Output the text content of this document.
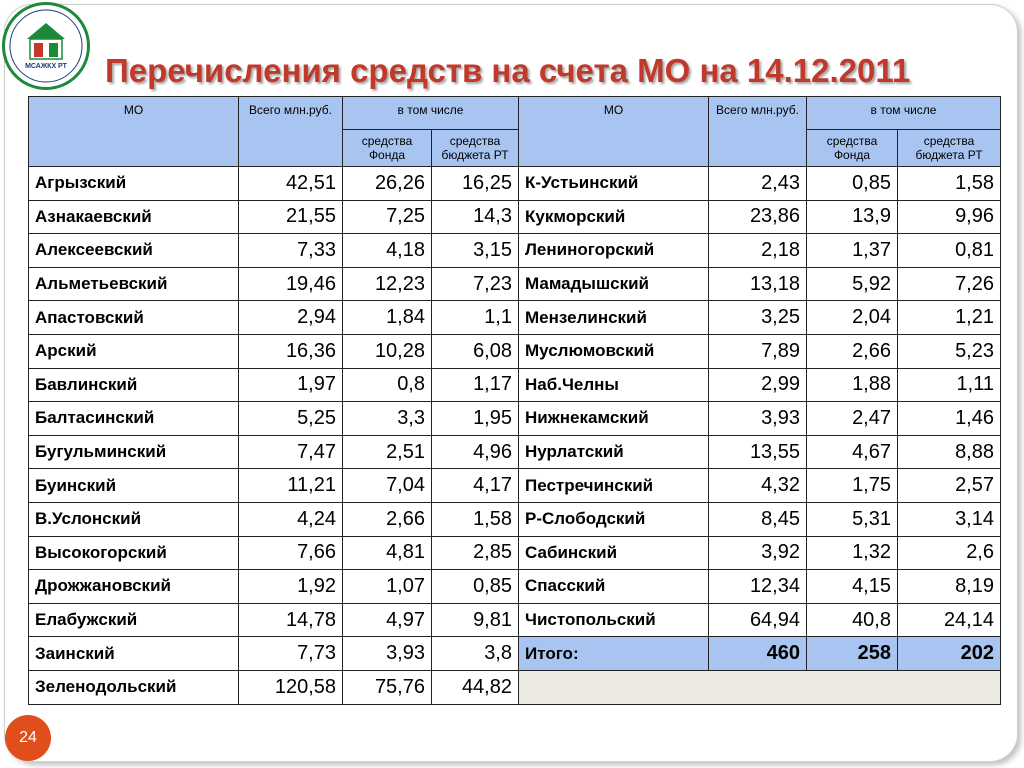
МСАЖКХ РТ	Перечисления средств на счета МО на 14.12.2011
МО	Всего млн.руб.	в том числе		МО	Всего млн.руб.	в том числе	
		средства Фонда	средства бюджета РТ			средства Фонда	средства бюджета РТ
Агрызский	42,51	26,26	16,25	К-Устьинский	2,43	0,85	1,58
Азнакаевский	21,55	7,25	14,3	Кукморский	23,86	13,9	9,96
Алексеевский	7,33	4,18	3,15	Лениногорский	2,18	1,37	0,81
Альметьевский	19,46	12,23	7,23	Мамадышский	13,18	5,92	7,26
Апастовский	2,94	1,84	1,1	Мензелинский	3,25	2,04	1,21
Арский	16,36	10,28	6,08	Муслюмовский	7,89	2,66	5,23
Бавлинский	1,97	0,8	1,17	Наб.Челны	2,99	1,88	1,11
Балтасинский	5,25	3,3	1,95	Нижнекамский	3,93	2,47	1,46
Бугульминский	7,47	2,51	4,96	Нурлатский	13,55	4,67	8,88
Буинский	11,21	7,04	4,17	Пестречинский	4,32	1,75	2,57
В.Услонский	4,24	2,66	1,58	Р-Слободский	8,45	5,31	3,14
Высокогорский	7,66	4,81	2,85	Сабинский	3,92	1,32	2,6
Дрожжановский	1,92	1,07	0,85	Спасский	12,34	4,15	8,19
Елабужский	14,78	4,97	9,81	Чистопольский	64,94	40,8	24,14
Заинский	7,73	3,93	3,8	Итого:	460	258	202
Зеленодольский	120,58	75,76	44,82				
24
